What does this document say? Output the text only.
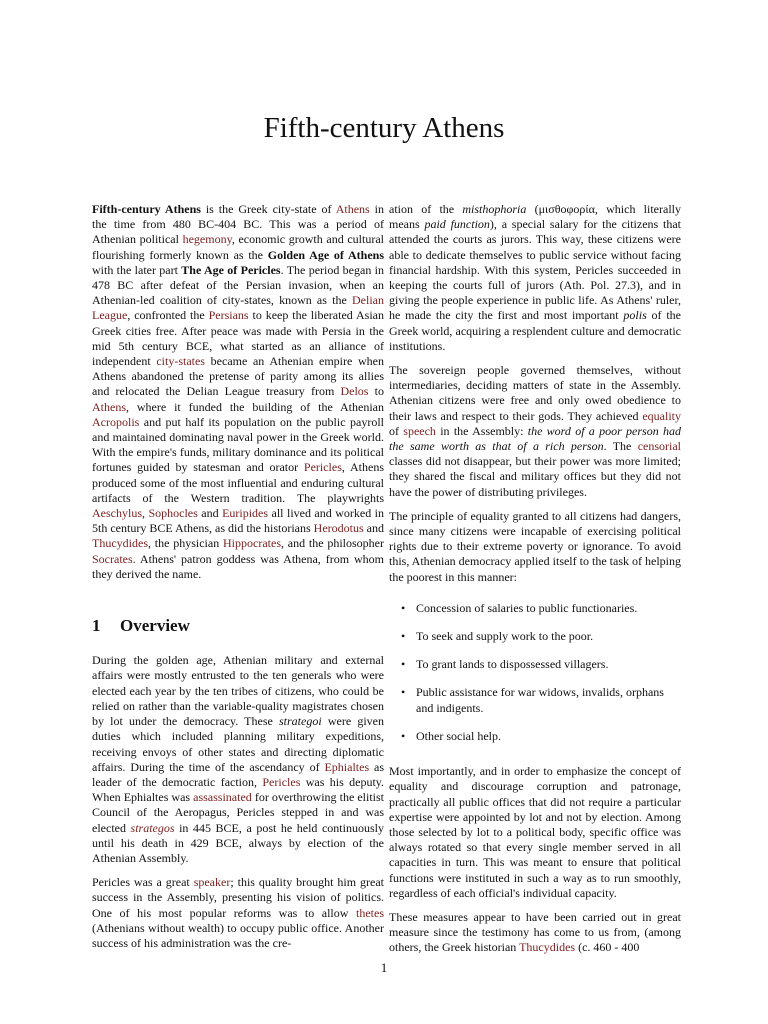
Fifth-century Athens

Fifth-century Athens is the Greek city-state of Athens in the time from 480 BC-404 BC. This was a period of Athenian political hegemony, economic growth and cultural flourishing formerly known as the Golden Age of Athens with the later part The Age of Pericles. The period began in 478 BC after defeat of the Persian invasion, when an Athenian-led coalition of city-states, known as the Delian League, confronted the Persians to keep the liberated Asian Greek cities free. After peace was made with Persia in the mid 5th century BCE, what started as an alliance of independent city-states became an Athenian empire when Athens abandoned the pretense of parity among its allies and relocated the Delian League treasury from Delos to Athens, where it funded the building of the Athenian Acropolis and put half its population on the public payroll and maintained dominating naval power in the Greek world. With the empire's funds, military dominance and its political fortunes guided by statesman and orator Pericles, Athens produced some of the most influential and enduring cultural artifacts of the Western tradition. The playwrights Aeschylus, Sophocles and Euripides all lived and worked in 5th century BCE Athens, as did the historians Herodotus and Thucydides, the physician Hippocrates, and the philosopher Socrates. Athens' patron goddess was Athena, from whom they derived the name.

1 Overview

During the golden age, Athenian military and external affairs were mostly entrusted to the ten generals who were elected each year by the ten tribes of citizens, who could be relied on rather than the variable-quality magistrates chosen by lot under the democracy. These strategoi were given duties which included planning military expeditions, receiving envoys of other states and directing diplomatic affairs. During the time of the ascendancy of Ephialtes as leader of the democratic faction, Pericles was his deputy. When Ephialtes was assassinated for overthrowing the elitist Council of the Aeropagus, Pericles stepped in and was elected strategos in 445 BCE, a post he held continuously until his death in 429 BCE, always by election of the Athenian Assembly.

Pericles was a great speaker; this quality brought him great success in the Assembly, presenting his vision of politics. One of his most popular reforms was to allow thetes (Athenians without wealth) to occupy public office. Another success of his administration was the cre-

ation of the misthophoria (μισθοφορία, which literally means paid function), a special salary for the citizens that attended the courts as jurors. This way, these citizens were able to dedicate themselves to public service without facing financial hardship. With this system, Pericles succeeded in keeping the courts full of jurors (Ath. Pol. 27.3), and in giving the people experience in public life. As Athens' ruler, he made the city the first and most important polis of the Greek world, acquiring a resplendent culture and democratic institutions.

The sovereign people governed themselves, without intermediaries, deciding matters of state in the Assembly. Athenian citizens were free and only owed obedience to their laws and respect to their gods. They achieved equality of speech in the Assembly: the word of a poor person had the same worth as that of a rich person. The censorial classes did not disappear, but their power was more limited; they shared the fiscal and military offices but they did not have the power of distributing privileges.

The principle of equality granted to all citizens had dangers, since many citizens were incapable of exercising political rights due to their extreme poverty or ignorance. To avoid this, Athenian democracy applied itself to the task of helping the poorest in this manner:

• Concession of salaries to public functionaries.
• To seek and supply work to the poor.
• To grant lands to dispossessed villagers.
• Public assistance for war widows, invalids, orphans and indigents.
• Other social help.

Most importantly, and in order to emphasize the concept of equality and discourage corruption and patronage, practically all public offices that did not require a particular expertise were appointed by lot and not by election. Among those selected by lot to a political body, specific office was always rotated so that every single member served in all capacities in turn. This was meant to ensure that political functions were instituted in such a way as to run smoothly, regardless of each official's individual capacity.

These measures appear to have been carried out in great measure since the testimony has come to us from, (among others, the Greek historian Thucydides (c. 460 - 400

1
